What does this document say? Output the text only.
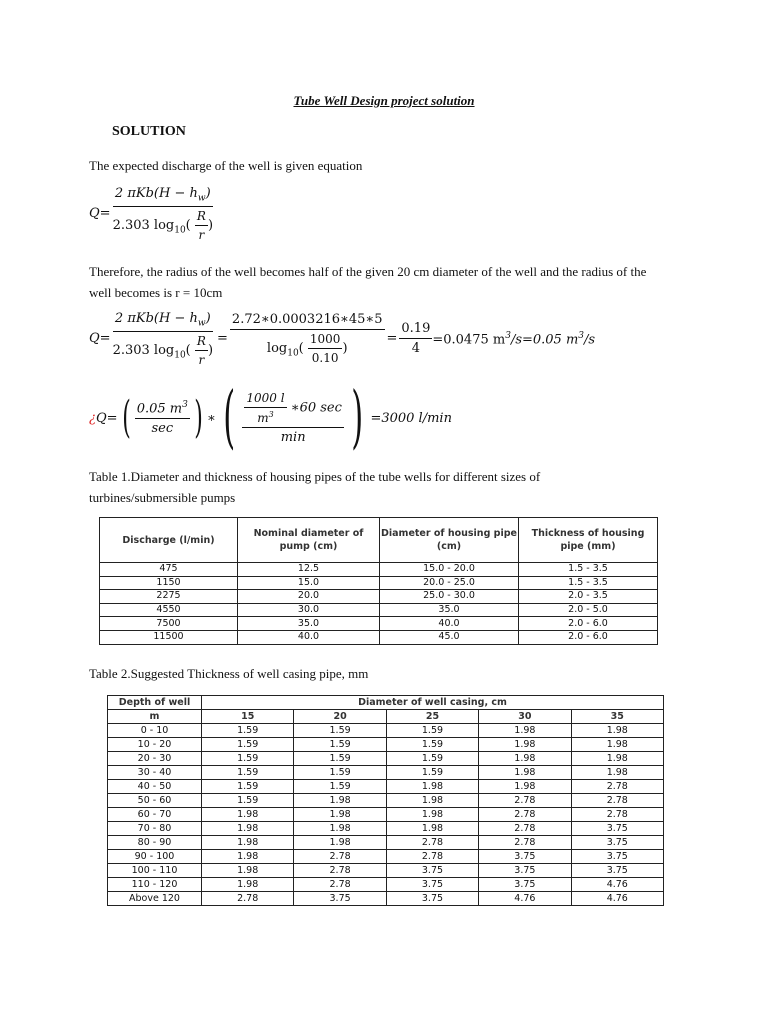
Tube Well Design project solution
SOLUTION
The expected discharge of the well is given equation
$Q= \frac{2 \pi Kb(H - h_w)}{2.303 \log_{10}( \frac{R}{r} )}$
Therefore, the radius of the well becomes half of the given 20 cm diameter of the well and the radius of the well becomes is r = 10cm
$Q= \frac{2 \pi Kb(H - h_w)}{2.303 \log_{10}( \frac{R}{r} )} = \frac{2.72∗0.0003216∗45∗5}{\log_{10}( \frac{1000}{0.10} )} = \frac{0.19}{4} =0.0475$ $m^3/s=0.05$ $m^3/s$
¿ Q= ( $\frac{0.05 m^3}{\sec}$ ) ∗ ( $\frac{\frac{1000 l}{m^3} ∗60 \sec}{\min}$ ) =3000 l/min
Table 1.Diameter and thickness of housing pipes of the tube wells for different sizes of turbines/submersible pumps
Discharge (l/min)	Nominal diameter of pump (cm)	Diameter of housing pipe (cm)	Thickness of housing pipe (mm)
475	12.5	15.0 - 20.0	1.5 - 3.5
1150	15.0	20.0 - 25.0	1.5 - 3.5
2275	20.0	25.0 - 30.0	2.0 - 3.5
4550	30.0	35.0	2.0 - 5.0
7500	35.0	40.0	2.0 - 6.0
11500	40.0	45.0	2.0 - 6.0
Table 2.Suggested Thickness of well casing pipe, mm
Depth of well	Diameter of well casing, cm				
m	15	20	25	30	35
0 - 10	1.59	1.59	1.59	1.98	1.98
10 - 20	1.59	1.59	1.59	1.98	1.98
20 - 30	1.59	1.59	1.59	1.98	1.98
30 - 40	1.59	1.59	1.59	1.98	1.98
40 - 50	1.59	1.59	1.98	1.98	2.78
50 - 60	1.59	1.98	1.98	2.78	2.78
60 - 70	1.98	1.98	1.98	2.78	2.78
70 - 80	1.98	1.98	1.98	2.78	3.75
80 - 90	1.98	1.98	2.78	2.78	3.75
90 - 100	1.98	2.78	2.78	3.75	3.75
100 - 110	1.98	2.78	3.75	3.75	3.75
110 - 120	1.98	2.78	3.75	3.75	4.76
Above 120	2.78	3.75	3.75	4.76	4.76
